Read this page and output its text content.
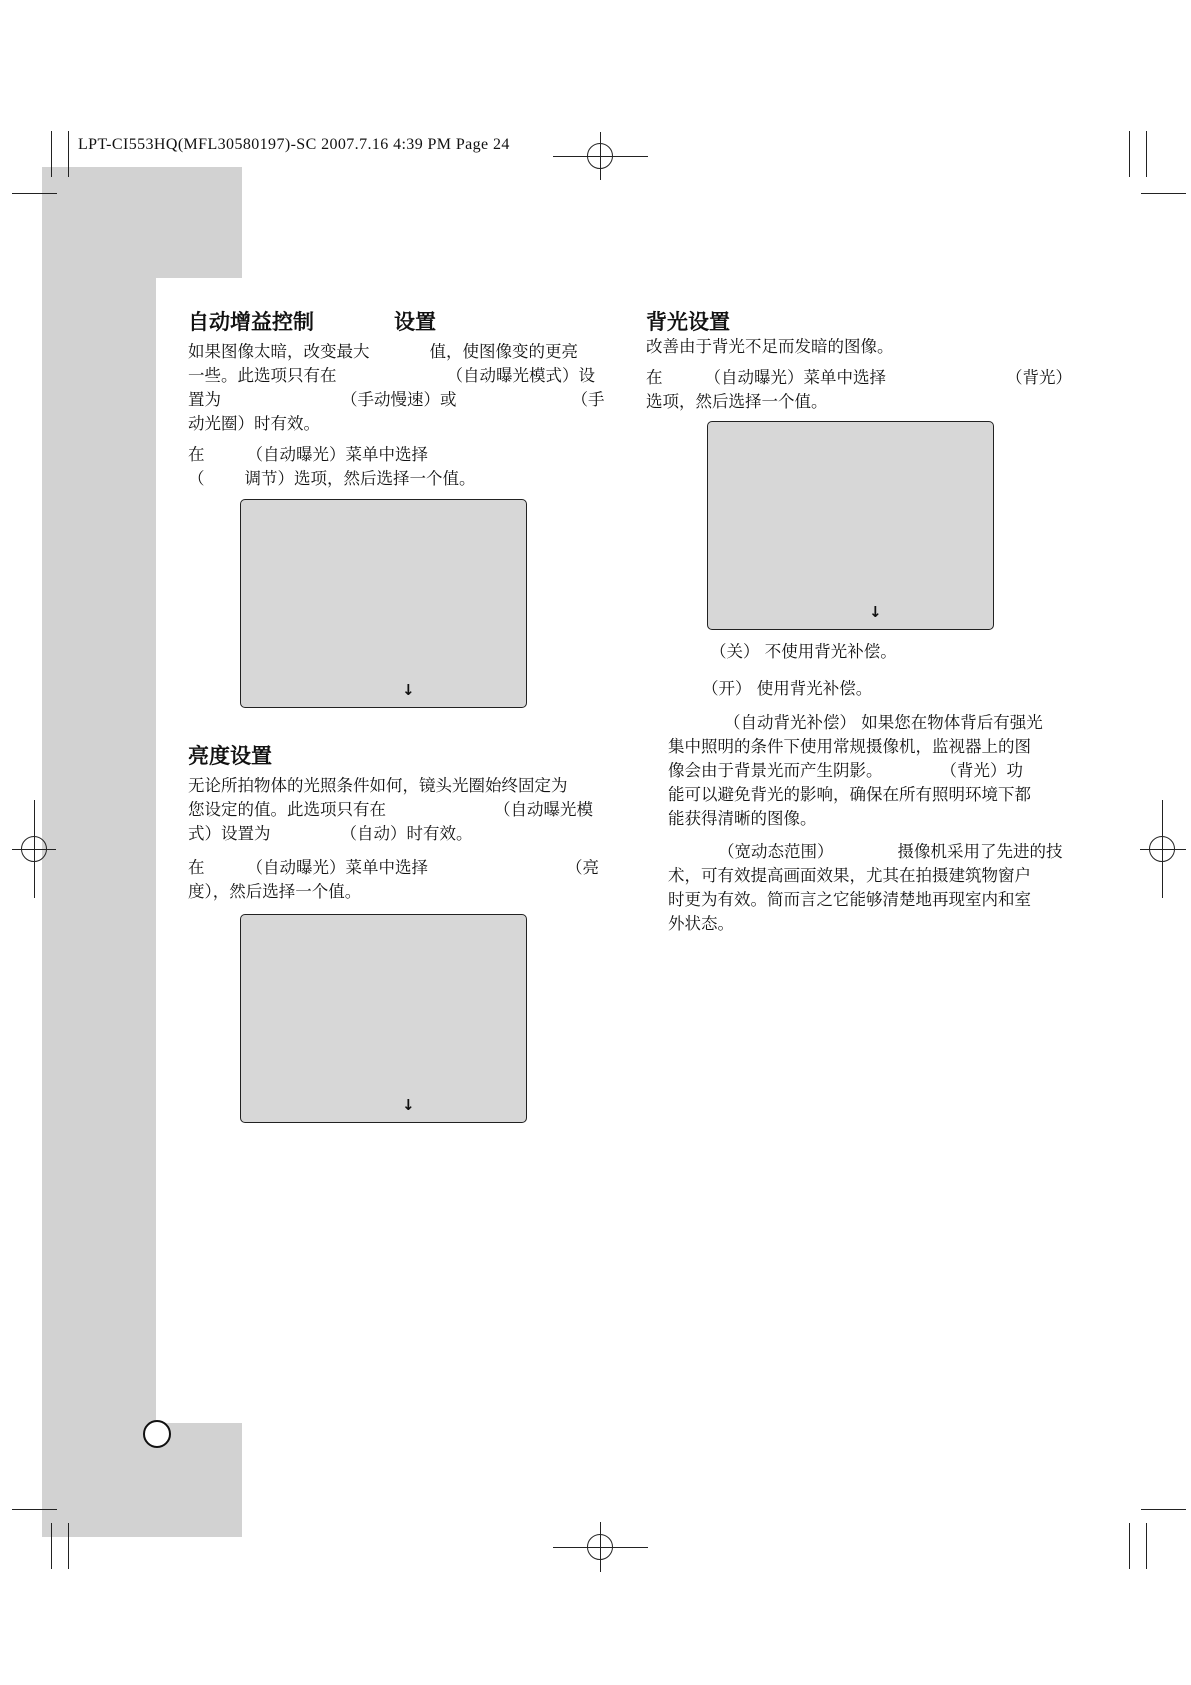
LPT-CI553HQ(MFL30580197)-SC 2007.7.16 4:39 PM Page 24
自动增益控制	设置
如果图像太暗，改变最大	值，使图像变的更亮
一些。此选项只有在	（自动曝光模式）设
置为	（手动慢速）或	（手
动光圈）时有效。
在	（自动曝光）菜单中选择
（ 调节）选项，然后选择一个值。
↓
亮度设置
无论所拍物体的光照条件如何，镜头光圈始终固定为
您设定的值。此选项只有在	（自动曝光模
式）设置为	（自动）时有效。
在	（自动曝光）菜单中选择	（亮
度），然后选择一个值。
↓
背光设置
改善由于背光不足而发暗的图像。
在	（自动曝光）菜单中选择	（背光）
选项，然后选择一个值。
↓
（关） 不使用背光补偿。
（开） 使用背光补偿。
（自动背光补偿） 如果您在物体背后有强光
集中照明的条件下使用常规摄像机，监视器上的图
像会由于背景光而产生阴影。	（背光）功
能可以避免背光的影响，确保在所有照明环境下都
能获得清晰的图像。
（宽动态范围）	摄像机采用了先进的技
术，可有效提高画面效果，尤其在拍摄建筑物窗户
时更为有效。简而言之它能够清楚地再现室内和室
外状态。
